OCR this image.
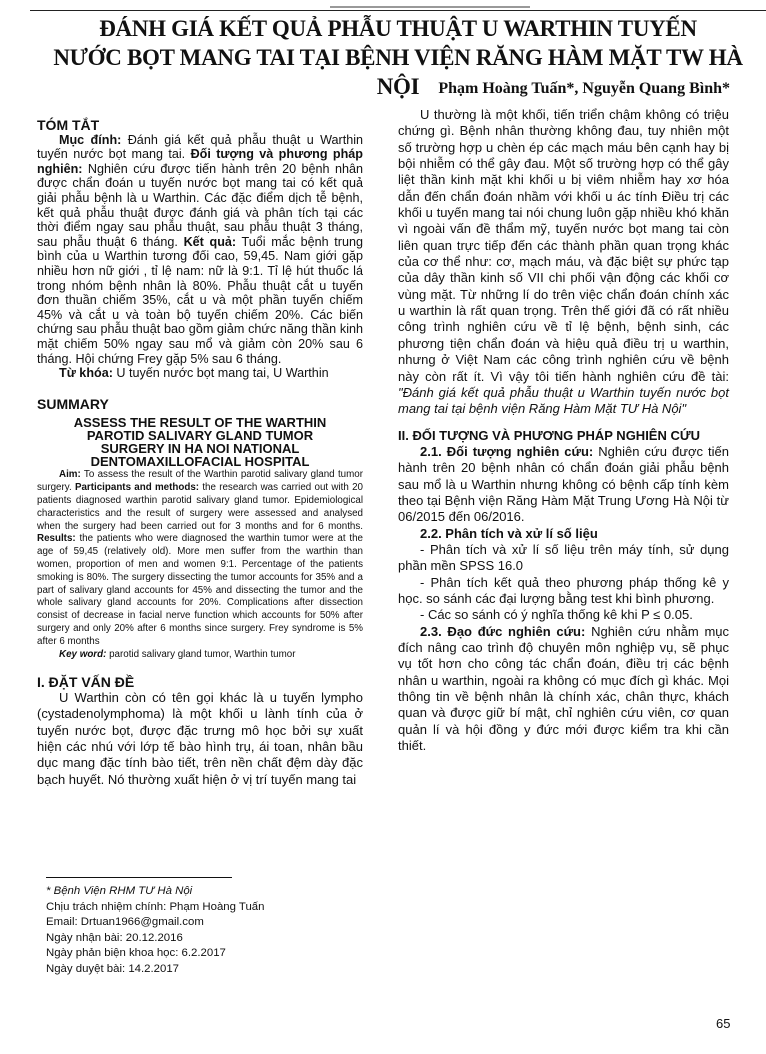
ĐÁNH GIÁ KẾT QUẢ PHẪU THUẬT U WARTHIN TUYẾN
NƯỚC BỌT MANG TAI TẠI BỆNH VIỆN RĂNG HÀM MẶT TW HÀ NỘI	Phạm Hoàng Tuấn*, Nguyễn Quang Bình*
TÓM TẮT

Mục đính: Đánh giá kết quả phẫu thuật u Warthin tuyến nước bọt mang tai. Đối tượng và phương pháp nghiên: Nghiên cứu được tiến hành trên 20 bệnh nhân được chẩn đoán u tuyến nước bọt mang tai có kết quả giải phẫu bệnh là u Warthin. Các đặc điểm dịch tễ bệnh, kết quả phẫu thuật được đánh giá và phân tích tại các thời điểm ngay sau phẫu thuật, sau phẫu thuật 3 tháng, sau phẫu thuật 6 tháng. Kết quả: Tuổi mắc bệnh trung bình của u Warthin tương đối cao, 59,45. Nam giới gặp nhiều hơn nữ giới , tỉ lệ nam: nữ là 9:1. Tỉ lệ hút thuốc lá trong nhóm bệnh nhân là 80%. Phẫu thuật cắt u tuyến đơn thuần chiếm 35%, cắt u và một phần tuyến chiếm 45% và cắt u và toàn bộ tuyến chiếm 20%. Các biến chứng sau phẫu thuật bao gồm giảm chức năng thần kinh mặt chiếm 50% ngay sau mổ và giảm còn 20% sau 6 tháng. Hội chứng Frey gặp 5% sau 6 tháng.

Từ khóa: U tuyến nước bọt mang tai, U Warthin

SUMMARY
ASSESS THE RESULT OF THE WARTHIN PAROTID SALIVARY GLAND TUMOR SURGERY IN HA NOI NATIONAL DENTOMAXILLOFACIAL HOSPITAL

Aim: To assess the result of the Warthin parotid salivary gland tumor surgery. Participants and methods: the research was carried out with 20 patients diagnosed warthin parotid salivary gland tumor. Epidemiological characteristics and the result of surgery were assessed and analysed when the surgery had been carried out for 3 months and for 6 months. Results: the patients who were diagnosed the warthin tumor were at the age of 59,45 (relatively old). More men suffer from the warthin than women, proportion of men and women 9:1. Percentage of the patients smoking is 80%. The surgery dissecting the tumor accounts for 35% and a part of salivary gland accounts for 45% and dissecting the tumor and the whole salivary gland accounts for 20%. Complications after dissection consist of decrease in facial nerve function which accounts for 50% after surgery and only 20% after 6 months since surgery. Frey syndrome is 5% after 6 months

Key word: parotid salivary gland tumor, Warthin tumor

I. ĐẶT VẤN ĐỀ

U Warthin còn có tên gọi khác là u tuyến lympho (cystadenolymphoma) là một khối u lành tính của ở tuyến nước bọt, được đặc trưng mô học bởi sự xuất hiện các nhú với lớp tế bào hình trụ, ái toan, nhân bầu dục mang đặc tính bào tiết, trên nền chất đệm dày đặc bạch huyết. Nó thường xuất hiện ở vị trí tuyến mang tai

* Bệnh Viện RHM TƯ Hà Nội
Chịu trách nhiệm chính: Phạm Hoàng Tuấn
Email: Drtuan1966@gmail.com
Ngày nhận bài: 20.12.2016
Ngày phản biện khoa học: 6.2.2017
Ngày duyệt bài: 14.2.2017

U thường là một khối, tiến triển chậm không có triệu chứng gì. Bệnh nhân thường không đau, tuy nhiên một số trường hợp u chèn ép các mạch máu bên cạnh hay bị bội nhiễm có thể gây đau. Một số trường hợp có thể gây liệt thần kinh mặt khi khối u bị viêm nhiễm hay xơ hóa dẫn đến chẩn đoán nhầm với khối u ác tính Điều trị các khối u tuyến mang tai nói chung luôn gặp nhiều khó khăn vì ngoài vấn đề thẩm mỹ, tuyến nước bọt mang tai còn liên quan trực tiếp đến các thành phần quan trọng khác của cơ thể như: cơ, mạch máu, và đặc biệt sự phức tạp của dây thần kinh số VII chi phối vận động các khối cơ vùng mặt. Từ những lí do trên việc chẩn đoán chính xác u warthin là rất quan trọng. Trên thế giới đã có rất nhiều công trình nghiên cứu về tỉ lệ bệnh, bệnh sinh, các phương tiện chẩn đoán và hiệu quả điều trị u warthin, nhưng ở Việt Nam các công trình nghiên cứu về bệnh này còn rất ít. Vì vậy tôi tiến hành nghiên cứu đề tài: "Đánh giá kết quả phẫu thuật u Warthin tuyến nước bọt mang tai tại bệnh viện Răng Hàm Mặt TƯ Hà Nội"

II. ĐỐI TƯỢNG VÀ PHƯƠNG PHÁP NGHIÊN CỨU

2.1. Đối tượng nghiên cứu: Nghiên cứu được tiến hành trên 20 bệnh nhân có chẩn đoán giải phẫu bệnh sau mổ là u Warthin nhưng không có bệnh cấp tính kèm theo tại Bệnh viện Răng Hàm Mặt Trung Ương Hà Nội từ 06/2015 đến 06/2016.

2.2. Phân tích và xử lí số liệu

- Phân tích và xử lí số liệu trên máy tính, sử dụng phần mền SPSS 16.0

- Phân tích kết quả theo phương pháp thống kê y học. so sánh các đại lượng bằng test khi bình phương.

- Các so sánh có ý nghĩa thống kê khi P ≤ 0.05.

2.3. Đạo đức nghiên cứu: Nghiên cứu nhằm mục đích nâng cao trình độ chuyên môn nghiệp vụ, sẽ phục vụ tốt hơn cho công tác chẩn đoán, điều trị các bệnh nhân u warthin, ngoài ra không có mục đích gì khác. Mọi thông tin về bệnh nhân là chính xác, chân thực, khách quan và được giữ bí mật, chỉ nghiên cứu viên, cơ quan quản lí và hội đồng y đức mới được kiểm tra khi cần thiết.

65
